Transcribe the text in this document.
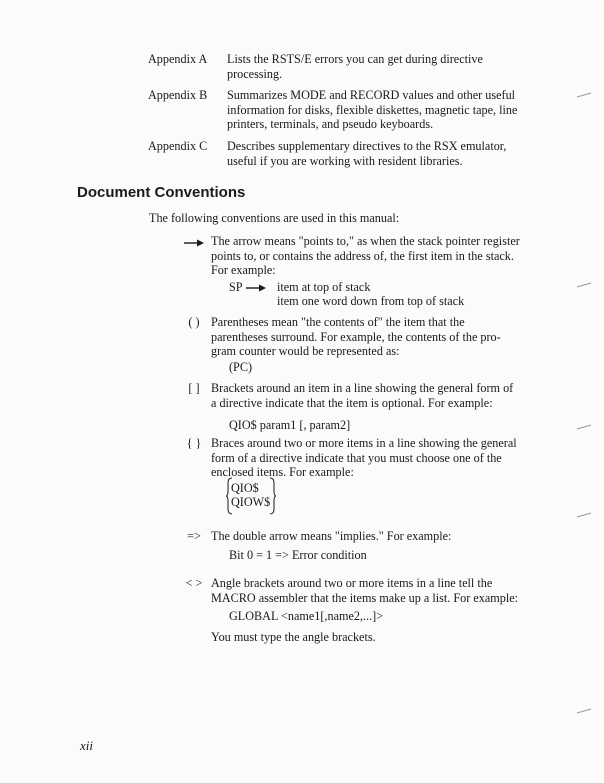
Appendix A	Lists the RSTS/E errors you can get during directive
processing.
Appendix B	Summarizes MODE and RECORD values and other useful
information for disks, flexible diskettes, magnetic tape, line
printers, terminals, and pseudo keyboards.
Appendix C	Describes supplementary directives to the RSX emulator,
useful if you are working with resident libraries.
Document Conventions
The following conventions are used in this manual:
The arrow means "points to," as when the stack pointer register
points to, or contains the address of, the first item in the stack.
For example:
SP	item at top of stack
item one word down from top of stack
( ) Parentheses mean "the contents of" the item that the
parentheses surround. For example, the contents of the pro-
gram counter would be represented as:
(PC)
[ ] Brackets around an item in a line showing the general form of
a directive indicate that the item is optional. For example:
QIO$ param1 [, param2]
{ } Braces around two or more items in a line showing the general
form of a directive indicate that you must choose one of the
enclosed items. For example:
QIO$
QIOW$
=> The double arrow means "implies." For example:
Bit 0 = 1 => Error condition
< > Angle brackets around two or more items in a line tell the
MACRO assembler that the items make up a list. For example:
GLOBAL <name1[,name2,...]>
You must type the angle brackets.
xii
